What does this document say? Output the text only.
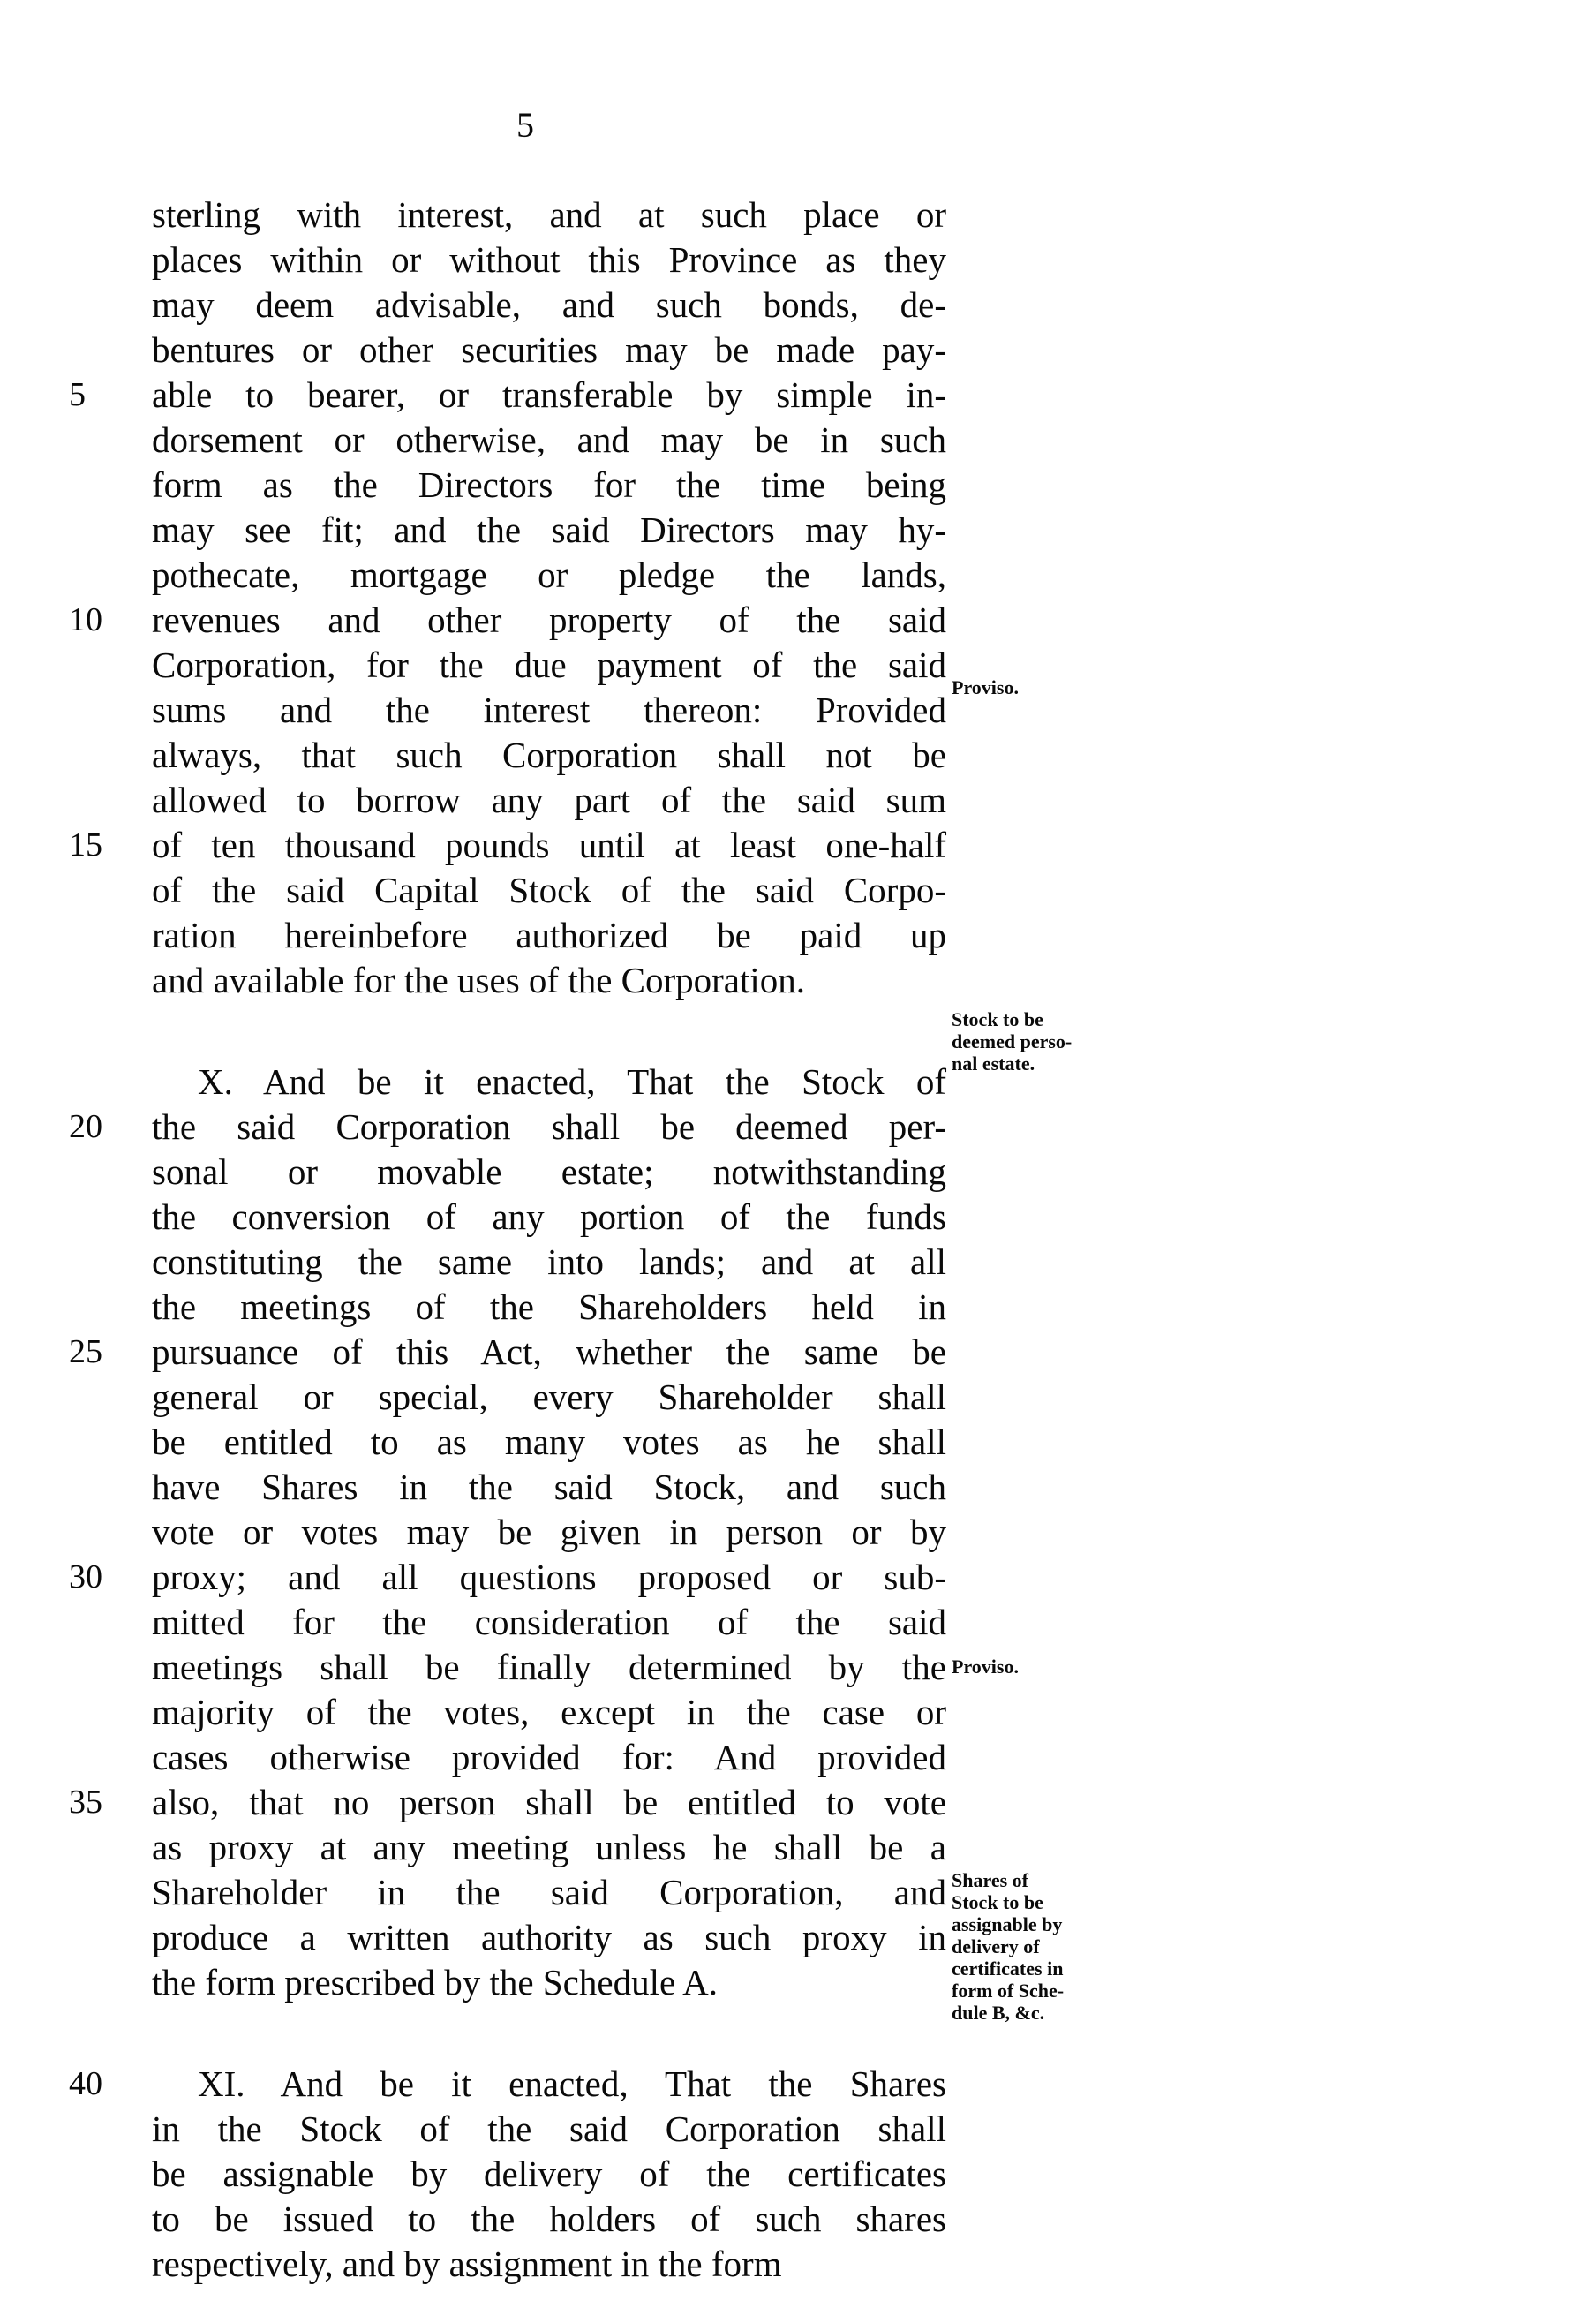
5
sterling with interest, and at such place or
places within or without this Province as they
may deem advisable, and such bonds, de-
bentures or other securities may be made pay-
able to bearer, or transferable by simple in-
5
dorsement or otherwise, and may be in such
form as the Directors for the time being
may see fit; and the said Directors may hy-
pothecate, mortgage or pledge the lands,
revenues and other property of the said
10
Corporation, for the due payment of the said
sums and the interest thereon: Provided
always, that such Corporation shall not be
allowed to borrow any part of the said sum
of ten thousand pounds until at least one-half
15
of the said Capital Stock of the said Corpo-
ration hereinbefore authorized be paid up
and available for the uses of the Corporation.
X. And be it enacted, That the Stock of
the said Corporation shall be deemed per-
20
sonal or movable estate; notwithstanding
the conversion of any portion of the funds
constituting the same into lands; and at all
the meetings of the Shareholders held in
pursuance of this Act, whether the same be
25
general or special, every Shareholder shall
be entitled to as many votes as he shall
have Shares in the said Stock, and such
vote or votes may be given in person or by
proxy; and all questions proposed or sub-
30
mitted for the consideration of the said
meetings shall be finally determined by the
majority of the votes, except in the case or
cases otherwise provided for: And provided
also, that no person shall be entitled to vote
35
as proxy at any meeting unless he shall be a
Shareholder in the said Corporation, and
produce a written authority as such proxy in
the form prescribed by the Schedule A.
XI. And be it enacted, That the Shares
40
in the Stock of the said Corporation shall
be assignable by delivery of the certificates
to be issued to the holders of such shares
respectively, and by assignment in the form
Proviso.
Stock to be
deemed perso-
nal estate.
Proviso.
Shares of
Stock to be
assignable by
delivery of
certificates in
form of Sche-
dule B, &c.
